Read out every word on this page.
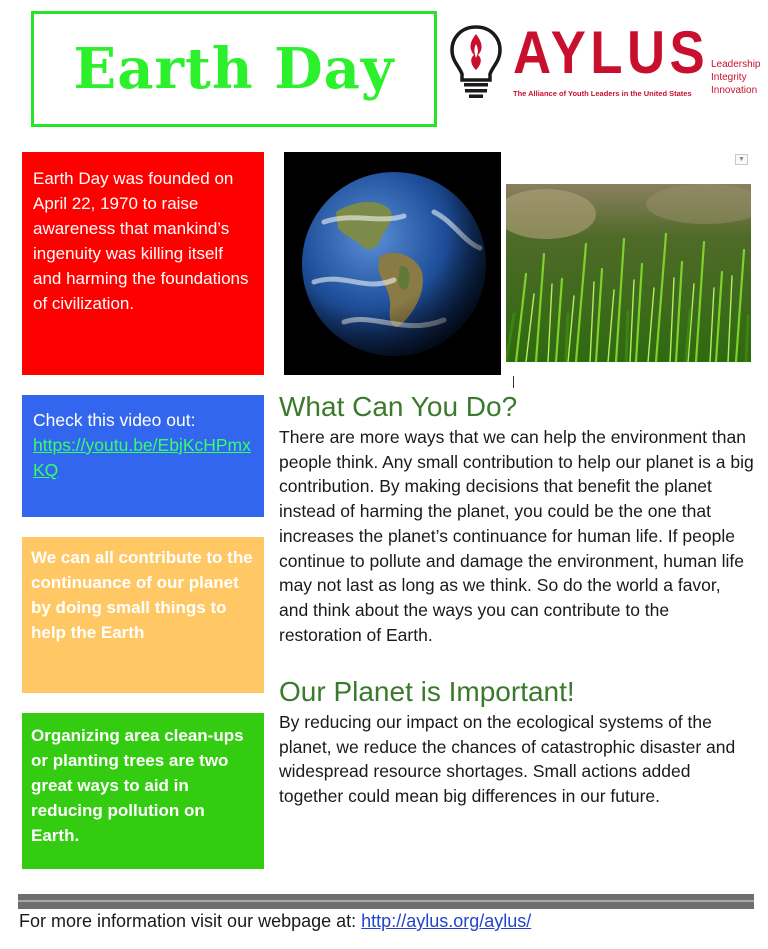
Earth Day AYLUS
The Alliance of Youth Leaders in the United States
Leadership
Integrity
Innovation
Earth Day was founded on April 22, 1970 to raise awareness that mankind’s ingenuity was killing itself and harming the foundations of civilization.
Check this video out:
https://youtu.be/EbjKcHPmxKQ
We can all contribute to the continuance of our planet by doing small things to help the Earth
Organizing area clean-ups or planting trees are two great ways to aid in reducing pollution on Earth.
▼
What Can You Do?
There are more ways that we can help the environment than people think. Any small contribution to help our planet is a big contribution. By making decisions that benefit the planet instead of harming the planet, you could be the one that increases the planet’s continuance for human life. If people continue to pollute and damage the environment, human life may not last as long as we think. So do the world a favor, and think about the ways you can contribute to the restoration of Earth.
Our Planet is Important!
By reducing our impact on the ecological systems of the planet, we reduce the chances of catastrophic disaster and widespread resource shortages. Small actions added together could mean big differences in our future.
For more information visit our webpage at: http://aylus.org/aylus/
